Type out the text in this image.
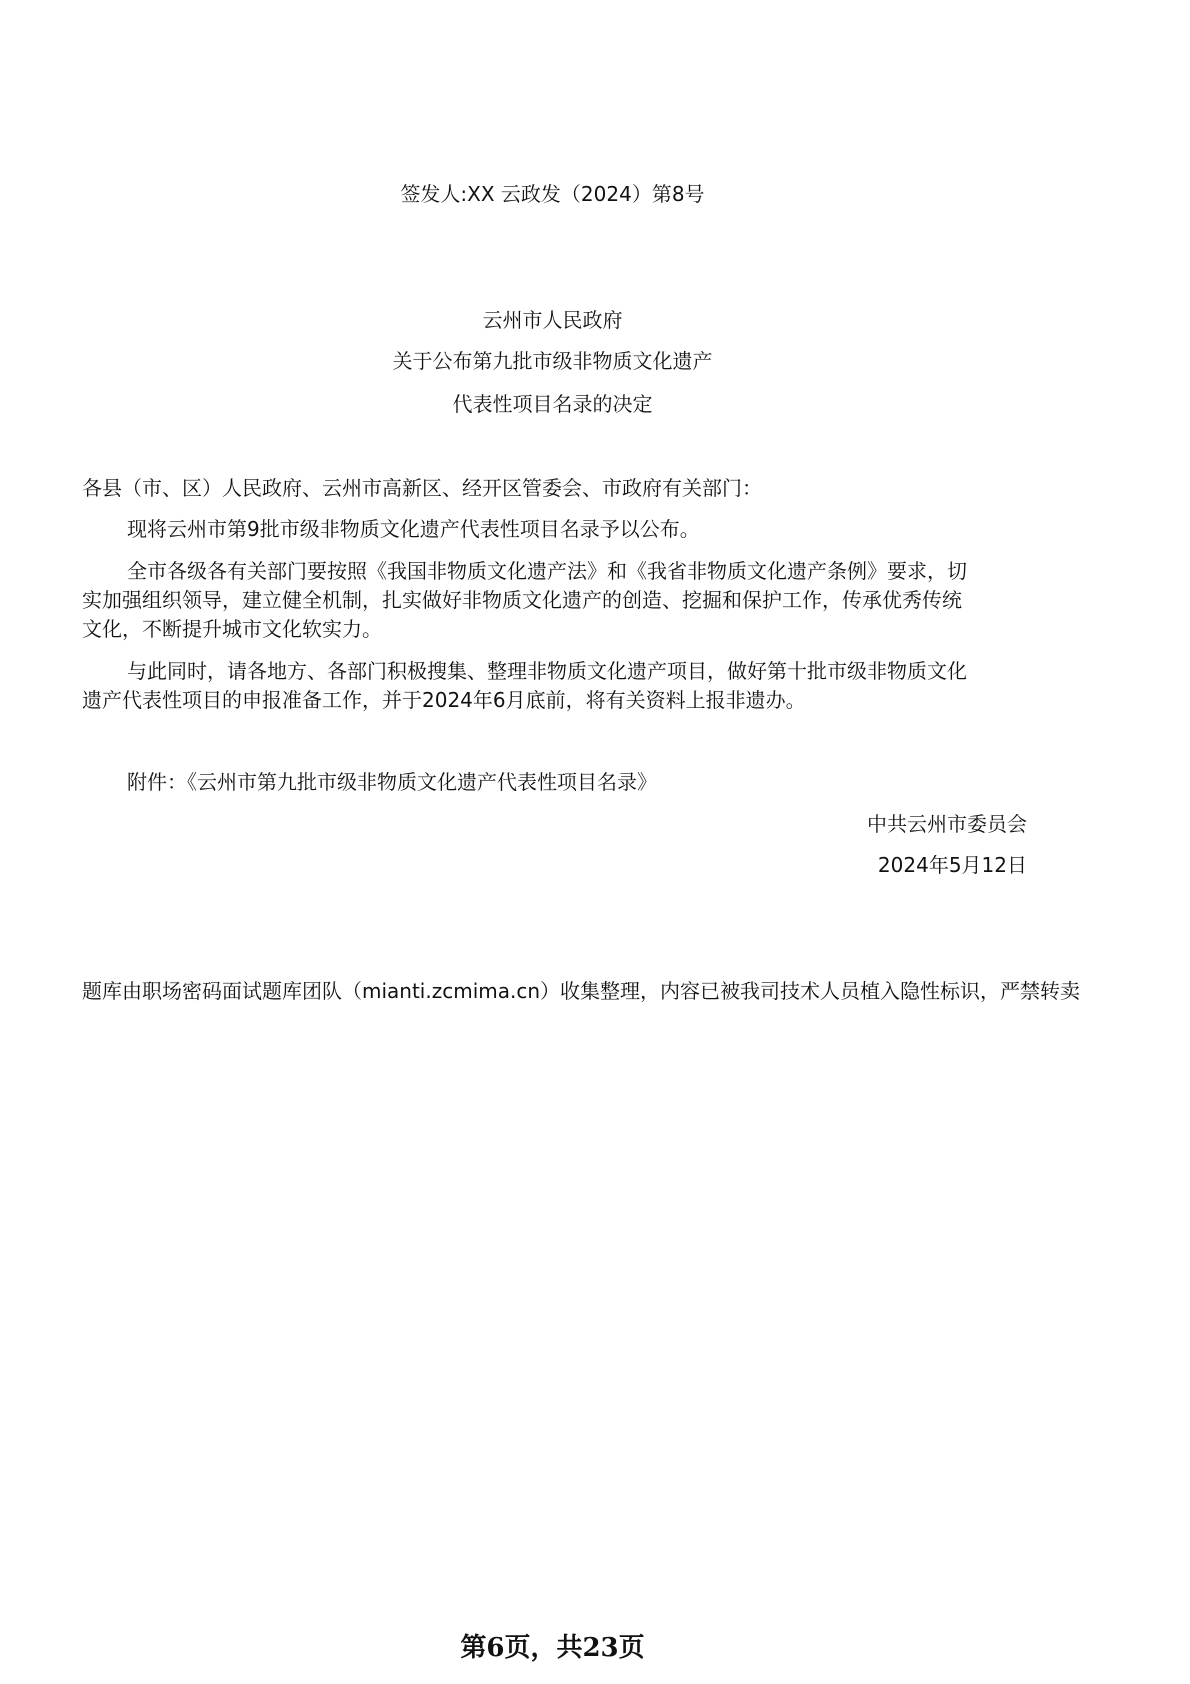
签发人:XX 云政发（2024）第8号
云州市人民政府
关于公布第九批市级非物质文化遗产
代表性项目名录的决定
各县（市、区）人民政府、云州市高新区、经开区管委会、市政府有关部门：
现将云州市第9批市级非物质文化遗产代表性项目名录予以公布。
全市各级各有关部门要按照《我国非物质文化遗产法》和《我省非物质文化遗产条例》要求，切
实加强组织领导，建立健全机制，扎实做好非物质文化遗产的创造、挖掘和保护工作，传承优秀传统
文化，不断提升城市文化软实力。
与此同时，请各地方、各部门积极搜集、整理非物质文化遗产项目，做好第十批市级非物质文化
遗产代表性项目的申报准备工作，并于2024年6月底前，将有关资料上报非遗办。
附件：《云州市第九批市级非物质文化遗产代表性项目名录》
中共云州市委员会
2024年5月12日
题库由职场密码面试题库团队（mianti.zcmima.cn）收集整理，内容已被我司技术人员植入隐性标识，严禁转卖
第6页，共23页
